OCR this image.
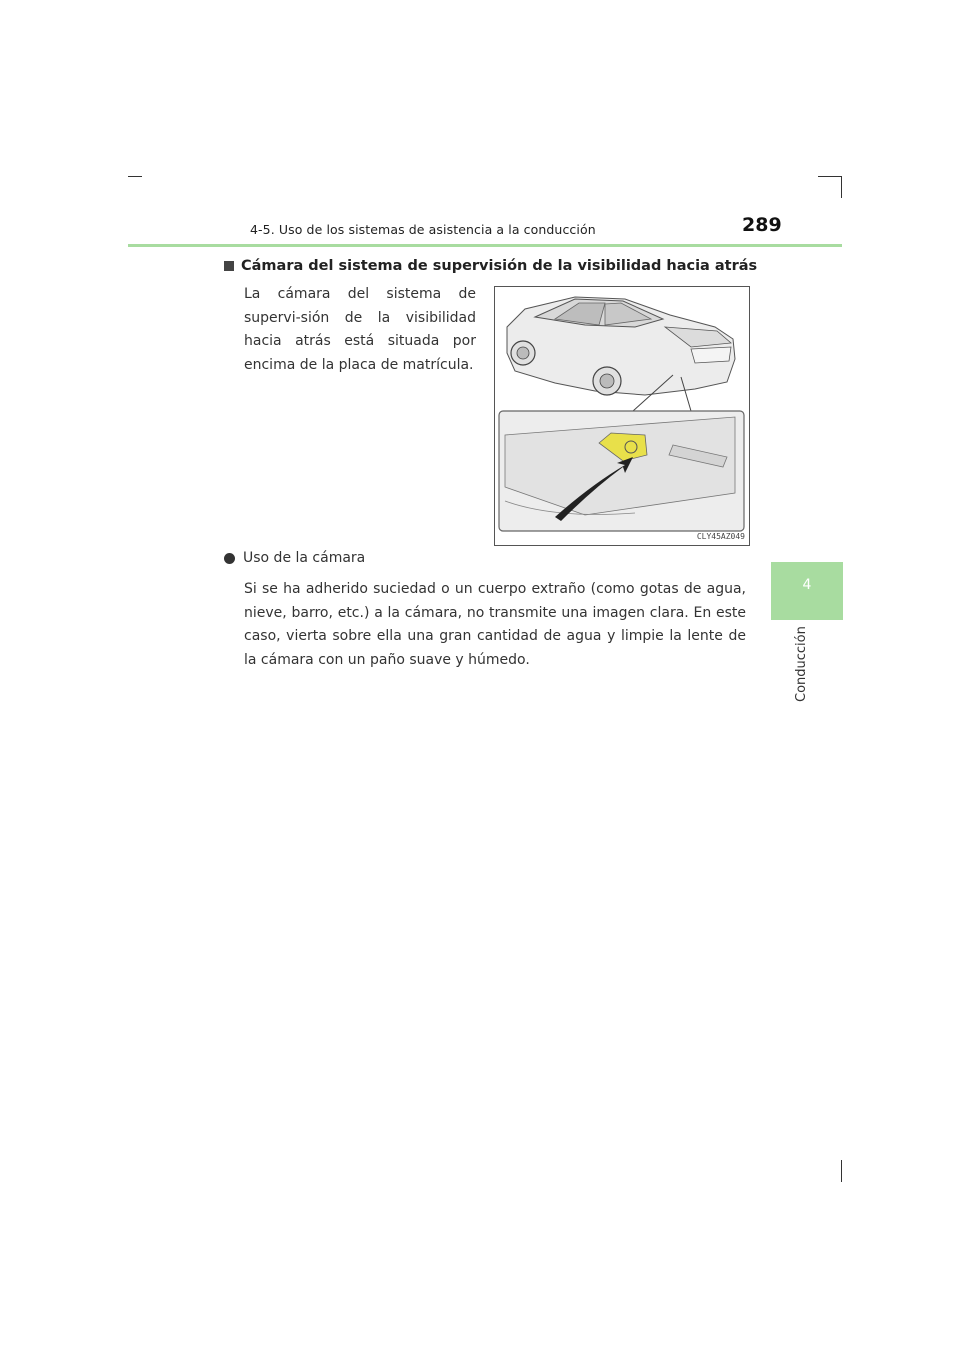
4-5. Uso de los sistemas de asistencia a la conducción	289
4
Conducción
Cámara del sistema de supervisión de la visibilidad hacia atrás
La cámara del sistema de supervi-sión de la visibilidad hacia atrás está situada por encima de la placa de matrícula.
CLY45AZ049
Uso de la cámara
Si se ha adherido suciedad o un cuerpo extraño (como gotas de agua, nieve, barro, etc.) a la cámara, no transmite una imagen clara. En este caso, vierta sobre ella una gran cantidad de agua y limpie la lente de la cámara con un paño suave y húmedo.
